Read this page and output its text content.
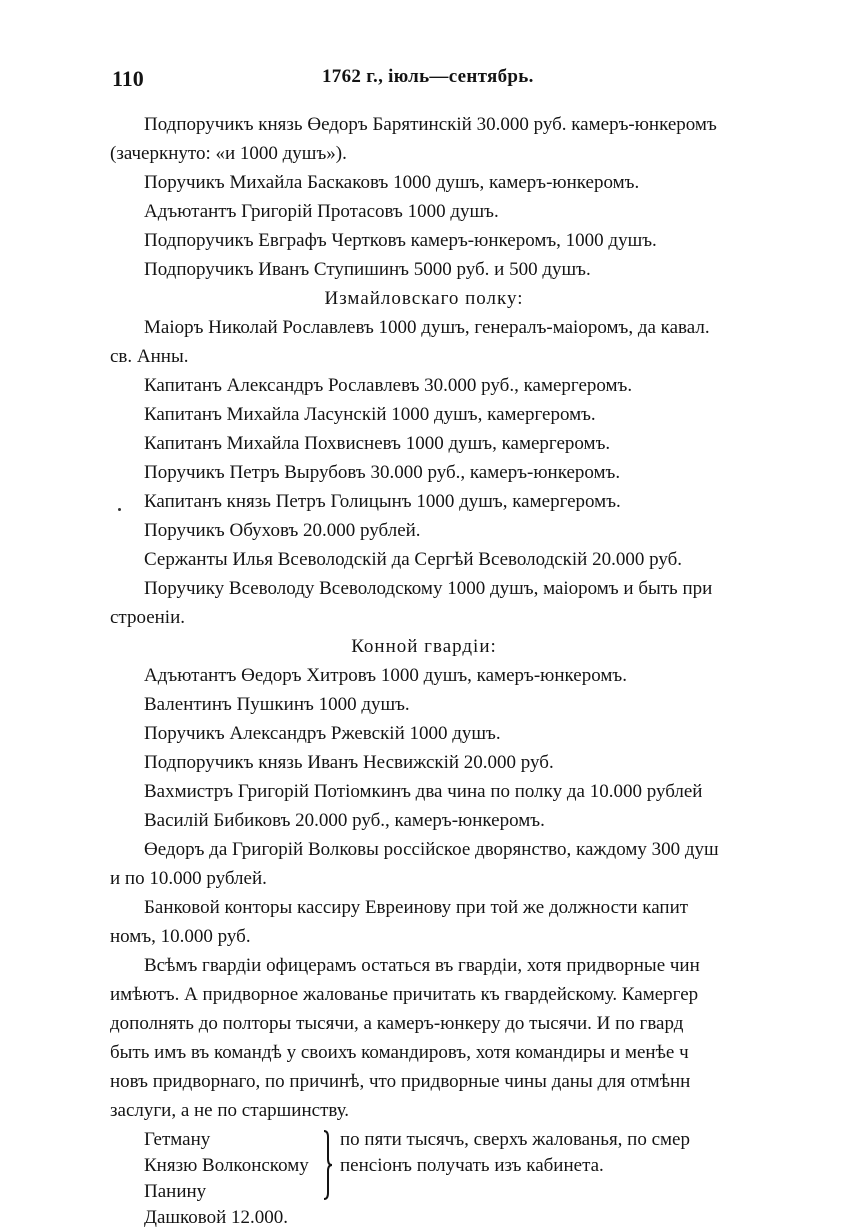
110	1762 г., іюль—сентябрь.
Подпоручикъ князь Өедоръ Барятинскій 30.000 руб. камеръ-юнкеромъ
(зачеркнуто: «и 1000 душъ»).
Поручикъ Михайла Баскаковъ 1000 душъ, камеръ-юнкеромъ.
Адъютантъ Григорій Протасовъ 1000 душъ.
Подпоручикъ Евграфъ Чертковъ камеръ-юнкеромъ, 1000 душъ.
Подпоручикъ Иванъ Ступишинъ 5000 руб. и 500 душъ.
Измайловскаго полку:
Маіоръ Николай Рославлевъ 1000 душъ, генералъ-маіоромъ, да кавал.
св. Анны.
Капитанъ Александръ Рославлевъ 30.000 руб., камергеромъ.
Капитанъ Михайла Ласунскій 1000 душъ, камергеромъ.
Капитанъ Михайла Похвисневъ 1000 душъ, камергеромъ.
Поручикъ Петръ Вырубовъ 30.000 руб., камеръ-юнкеромъ.
Капитанъ князь Петръ Голицынъ 1000 душъ, камергеромъ.
Поручикъ Обуховъ 20.000 рублей.
Сержанты Илья Всеволодскій да Сергѣй Всеволодскій 20.000 руб.
Поручику Всеволоду Всеволодскому 1000 душъ, маіоромъ и быть при
строеніи.
Конной гвардіи:
Адъютантъ Өедоръ Хитровъ 1000 душъ, камеръ-юнкеромъ.
Валентинъ Пушкинъ 1000 душъ.
Поручикъ Александръ Ржевскій 1000 душъ.
Подпоручикъ князь Иванъ Несвижскій 20.000 руб.
Вахмистръ Григорій Потіомкинъ два чина по полку да 10.000 рублей
Василій Бибиковъ 20.000 руб., камеръ-юнкеромъ.
Өедоръ да Григорій Волковы россійское дворянство, каждому 300 душ
и по 10.000 рублей.
Банковой конторы кассиру Евреинову при той же должности капит
номъ, 10.000 руб.
Всѣмъ гвардіи офицерамъ остаться въ гвардіи, хотя придворные чин
имѣютъ. А придворное жалованье причитать къ гвардейскому. Камергер
дополнять до полторы тысячи, а камеръ-юнкеру до тысячи. И по гвард
быть имъ въ командѣ у своихъ командировъ, хотя командиры и менѣе ч
новъ придворнаго, по причинѣ, что придворные чины даны для отмѣнн
заслуги, а не по старшинству.
Гетману
Князю Волконскому
Панину
Дашковой 12.000.
по пяти тысячъ, сверхъ жалованья, по смер
пенсіонъ получать изъ кабинета.
